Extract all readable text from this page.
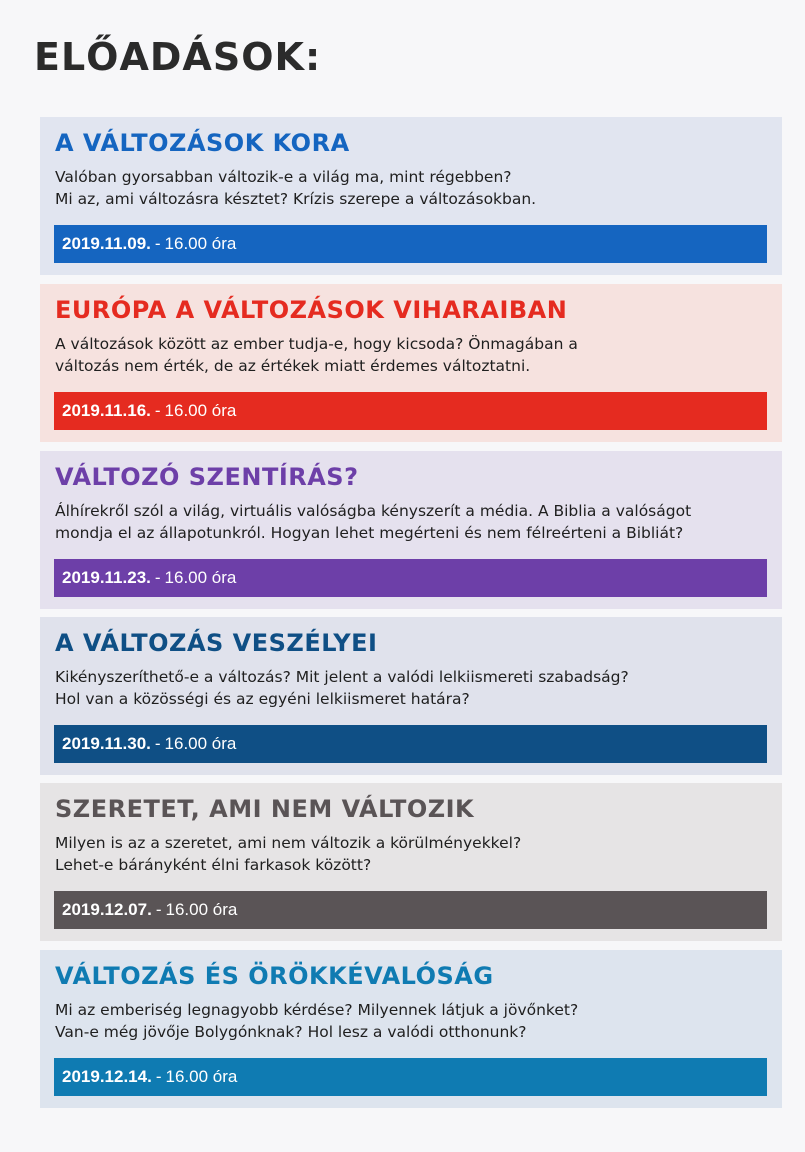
ELŐADÁSOK:
A VÁLTOZÁSOK KORA

Valóban gyorsabban változik-e a világ ma, mint régebben?
Mi az, ami változásra késztet? Krízis szerepe a változásokban.

2019.11.09. - 16.00 óra
EURÓPA A VÁLTOZÁSOK VIHARAIBAN

A változások között az ember tudja-e, hogy kicsoda? Önmagában a
változás nem érték, de az értékek miatt érdemes változtatni.

2019.11.16. - 16.00 óra
VÁLTOZÓ SZENTÍRÁS?

Álhírekről szól a világ, virtuális valóságba kényszerít a média. A Biblia a valóságot
mondja el az állapotunkról. Hogyan lehet megérteni és nem félreérteni a Bibliát?

2019.11.23. - 16.00 óra
A VÁLTOZÁS VESZÉLYEI

Kikényszeríthető-e a változás? Mit jelent a valódi lelkiismereti szabadság?
Hol van a közösségi és az egyéni lelkiismeret határa?

2019.11.30. - 16.00 óra
SZERETET, AMI NEM VÁLTOZIK

Milyen is az a szeretet, ami nem változik a körülményekkel?
Lehet-e bárányként élni farkasok között?

2019.12.07. - 16.00 óra
VÁLTOZÁS ÉS ÖRÖKKÉVALÓSÁG

Mi az emberiség legnagyobb kérdése? Milyennek látjuk a jövőnket?
Van-e még jövője Bolygónknak? Hol lesz a valódi otthonunk?

2019.12.14. - 16.00 óra
